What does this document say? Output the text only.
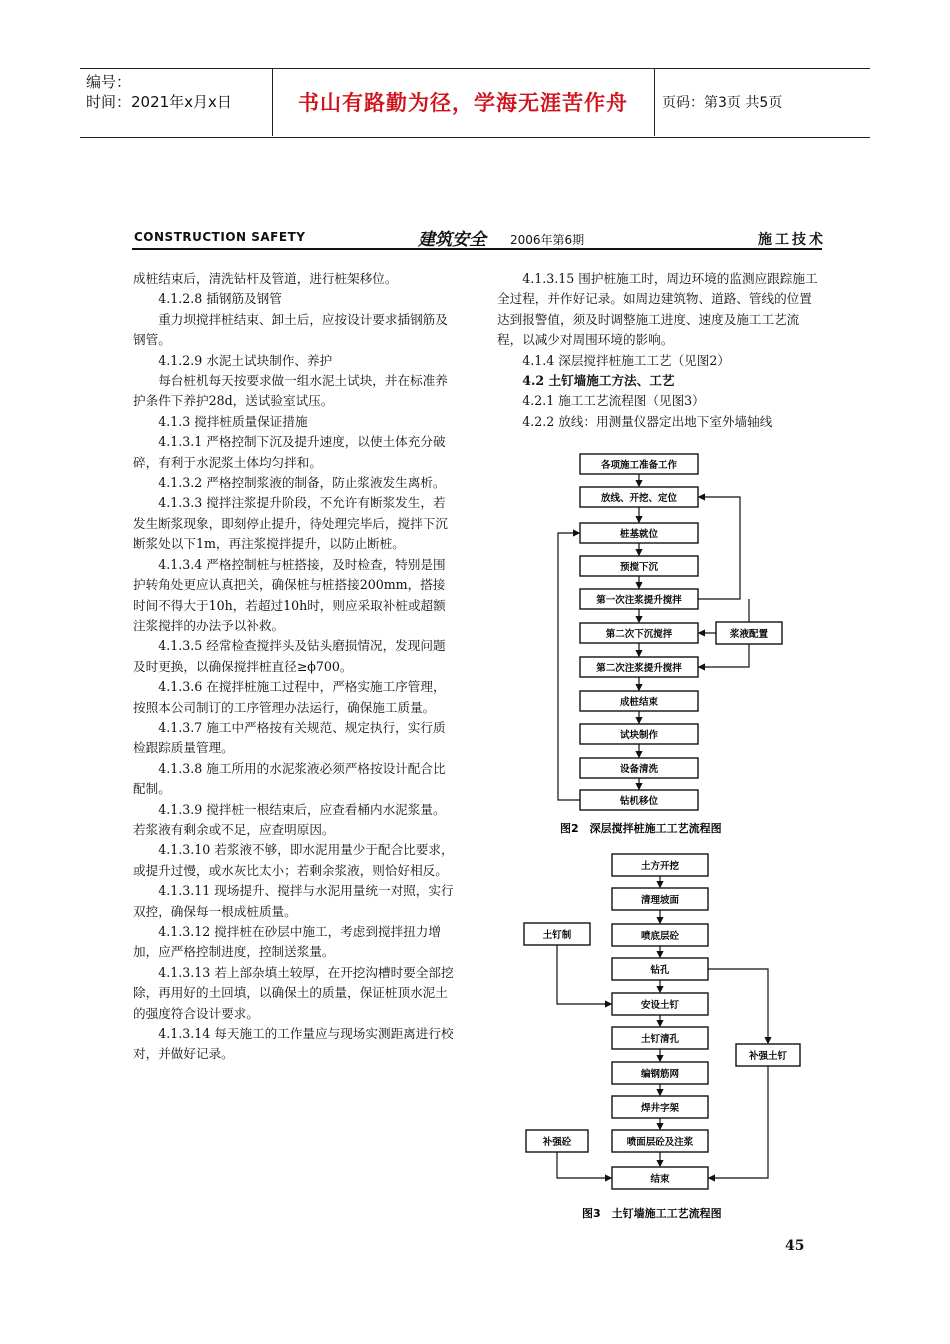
编号：
时间：2021年x月x日	书山有路勤为径，学海无涯苦作舟	页码：第3页 共5页
CONSTRUCTION SAFETY	建筑安全 2006年第6期	施工技术

成桩结束后，清洗钻杆及管道，进行桩架移位。

4.1.2.8 插钢筋及钢管

重力坝搅拌桩结束、卸土后，应按设计要求插钢筋及钢管。

4.1.2.9 水泥土试块制作、养护

每台桩机每天按要求做一组水泥土试块，并在标准养护条件下养护28d，送试验室试压。

4.1.3 搅拌桩质量保证措施

4.1.3.1 严格控制下沉及提升速度，以使土体充分破碎，有利于水泥浆土体均匀拌和。

4.1.3.2 严格控制浆液的制备，防止浆液发生离析。

4.1.3.3 搅拌注浆提升阶段，不允许有断浆发生，若发生断浆现象，即刻停止提升，待处理完毕后，搅拌下沉断浆处以下1m，再注浆搅拌提升，以防止断桩。

4.1.3.4 严格控制桩与桩搭接，及时检查，特别是围护转角处更应认真把关，确保桩与桩搭接200mm，搭接时间不得大于10h，若超过10h时，则应采取补桩或超额注浆搅拌的办法予以补救。

4.1.3.5 经常检查搅拌头及钻头磨损情况，发现问题及时更换，以确保搅拌桩直径≥ϕ700。

4.1.3.6 在搅拌桩施工过程中，严格实施工序管理，按照本公司制订的工序管理办法运行，确保施工质量。

4.1.3.7 施工中严格按有关规范、规定执行，实行质检跟踪质量管理。

4.1.3.8 施工所用的水泥浆液必须严格按设计配合比配制。

4.1.3.9 搅拌桩一根结束后，应查看桶内水泥浆量。若浆液有剩余或不足，应查明原因。

4.1.3.10 若浆液不够，即水泥用量少于配合比要求，或提升过慢，或水灰比太小；若剩余浆液，则恰好相反。

4.1.3.11 现场提升、搅拌与水泥用量统一对照，实行双控，确保每一根成桩质量。

4.1.3.12 搅拌桩在砂层中施工，考虑到搅拌扭力增加，应严格控制进度，控制送浆量。

4.1.3.13 若上部杂填土较厚，在开挖沟槽时要全部挖除，再用好的土回填，以确保土的质量，保证桩顶水泥土的强度符合设计要求。

4.1.3.14 每天施工的工作量应与现场实测距离进行校对，并做好记录。

4.1.3.15 围护桩施工时，周边环境的监测应跟踪施工全过程，并作好记录。如周边建筑物、道路、管线的位置达到报警值，须及时调整施工进度、速度及施工工艺流程，以减少对周围环境的影响。

4.1.4 深层搅拌桩施工工艺（见图2）

4.2 土钉墙施工方法、工艺

4.2.1 施工工艺流程图（见图3）

4.2.2 放线：用测量仪器定出地下室外墙轴线

各项施工准备工作
放线、开挖、定位
桩基就位
预搅下沉
第一次注浆提升搅拌
第二次下沉搅拌
第二次注浆提升搅拌
成桩结束
试块制作
设备清洗
钻机移位
浆液配置
图2　深层搅拌桩施工工艺流程图
土钉制
补强砼
补强土钉
土方开挖
清理坡面
喷底层砼
钻孔
安设土钉
土钉清孔
编钢筋网
焊井字架
喷面层砼及注浆
结束
图3　土钉墙施工工艺流程图
45
